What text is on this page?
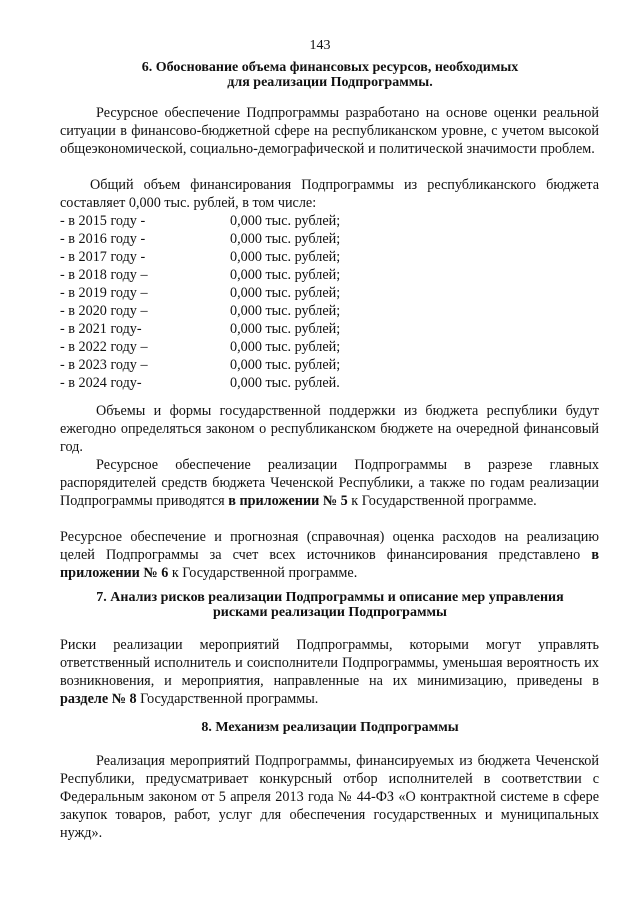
143
6. Обоснование объема финансовых ресурсов, необходимых
для реализации Подпрограммы.
Ресурсное обеспечение Подпрограммы разработано на основе оценки реальной ситуации в финансово-бюджетной сфере на республиканском уровне, с учетом высокой общеэкономической, социально-демографической и политической значимости проблем.
Общий объем финансирования Подпрограммы из республиканского бюджета составляет 0,000 тыс. рублей, в том числе:
- в 2015 году -	0,000 тыс. рублей;
- в 2016 году -	0,000 тыс. рублей;
- в 2017 году -	0,000 тыс. рублей;
- в 2018 году –	0,000 тыс. рублей;
- в 2019 году –	0,000 тыс. рублей;
- в 2020 году –	0,000 тыс. рублей;
- в 2021 году-	0,000 тыс. рублей;
- в 2022 году –	0,000 тыс. рублей;
- в 2023 году –	0,000 тыс. рублей;
- в 2024 году-	0,000 тыс. рублей.
Объемы и формы государственной поддержки из бюджета республики будут ежегодно определяться законом о республиканском бюджете на очередной финансовый год.
Ресурсное обеспечение реализации Подпрограммы в разрезе главных распорядителей средств бюджета Чеченской Республики, а также по годам реализации Подпрограммы приводятся в приложении № 5 к Государственной программе.
Ресурсное обеспечение и прогнозная (справочная) оценка расходов на реализацию целей Подпрограммы за счет всех источников финансирования представлено в приложении № 6 к Государственной программе.
7. Анализ рисков реализации Подпрограммы и описание мер управления
рисками реализации Подпрограммы
Риски реализации мероприятий Подпрограммы, которыми могут управлять ответственный исполнитель и соисполнители Подпрограммы, уменьшая вероятность их возникновения, и мероприятия, направленные на их минимизацию, приведены в разделе № 8 Государственной программы.
8. Механизм реализации Подпрограммы
Реализация мероприятий Подпрограммы, финансируемых из бюджета Чеченской Республики, предусматривает конкурсный отбор исполнителей в соответствии с Федеральным законом от 5 апреля 2013 года № 44-ФЗ «О контрактной системе в сфере закупок товаров, работ, услуг для обеспечения государственных и муниципальных нужд».
